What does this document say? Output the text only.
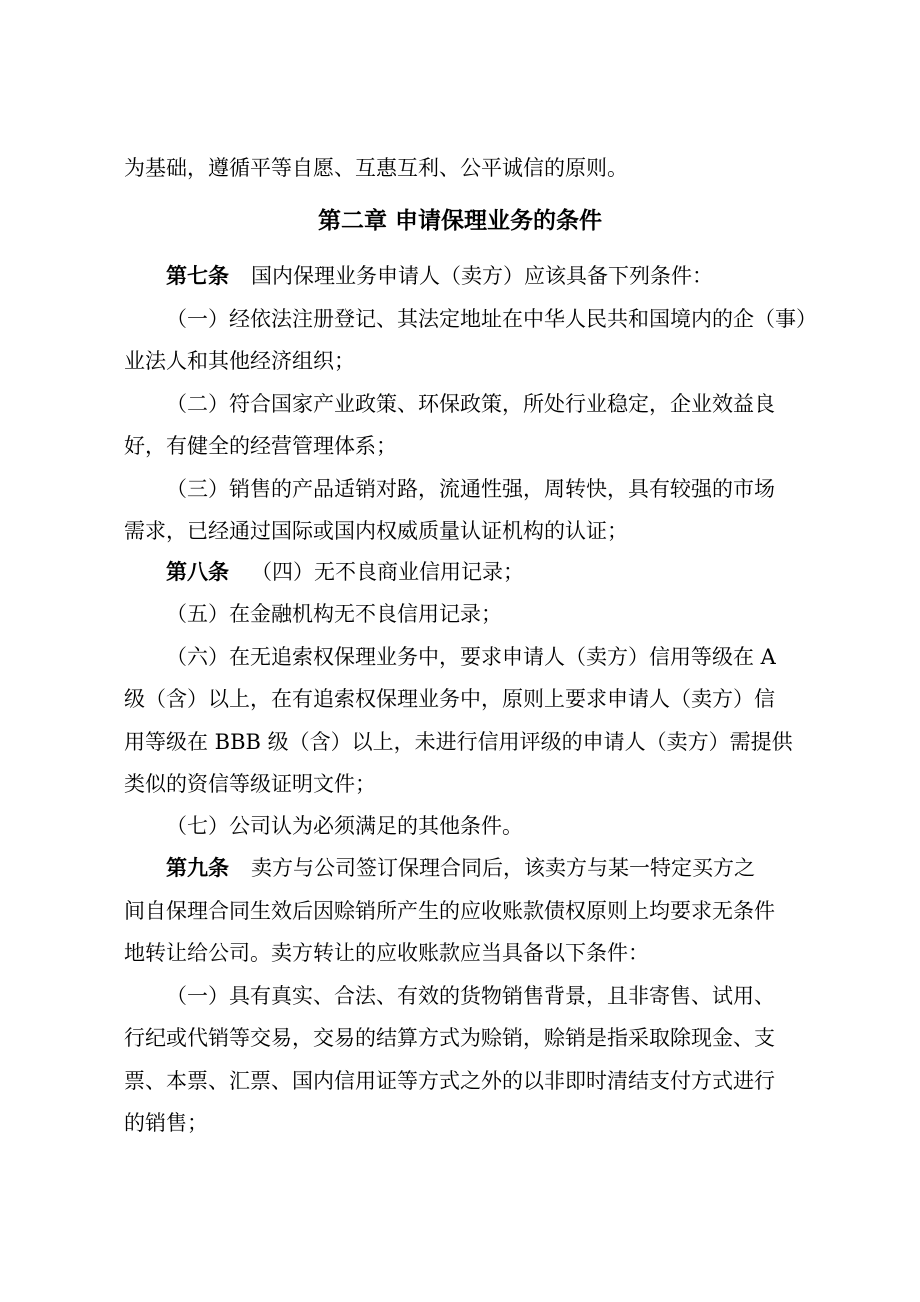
为基础，遵循平等自愿、互惠互利、公平诚信的原则。
第二章 申请保理业务的条件
第七条 国内保理业务申请人（卖方）应该具备下列条件：
（一）经依法注册登记、其法定地址在中华人民共和国境内的企（事）
业法人和其他经济组织；
（二）符合国家产业政策、环保政策，所处行业稳定，企业效益良
好，有健全的经营管理体系；
（三）销售的产品适销对路，流通性强，周转快，具有较强的市场
需求，已经通过国际或国内权威质量认证机构的认证；
第八条 （四）无不良商业信用记录；
（五）在金融机构无不良信用记录；
（六）在无追索权保理业务中，要求申请人（卖方）信用等级在 A
级（含）以上，在有追索权保理业务中，原则上要求申请人（卖方）信
用等级在 BBB 级（含）以上，未进行信用评级的申请人（卖方）需提供
类似的资信等级证明文件；
（七）公司认为必须满足的其他条件。
第九条 卖方与公司签订保理合同后，该卖方与某一特定买方之
间自保理合同生效后因赊销所产生的应收账款债权原则上均要求无条件
地转让给公司。卖方转让的应收账款应当具备以下条件：
（一）具有真实、合法、有效的货物销售背景，且非寄售、试用、
行纪或代销等交易，交易的结算方式为赊销，赊销是指采取除现金、支
票、本票、汇票、国内信用证等方式之外的以非即时清结支付方式进行
的销售；
